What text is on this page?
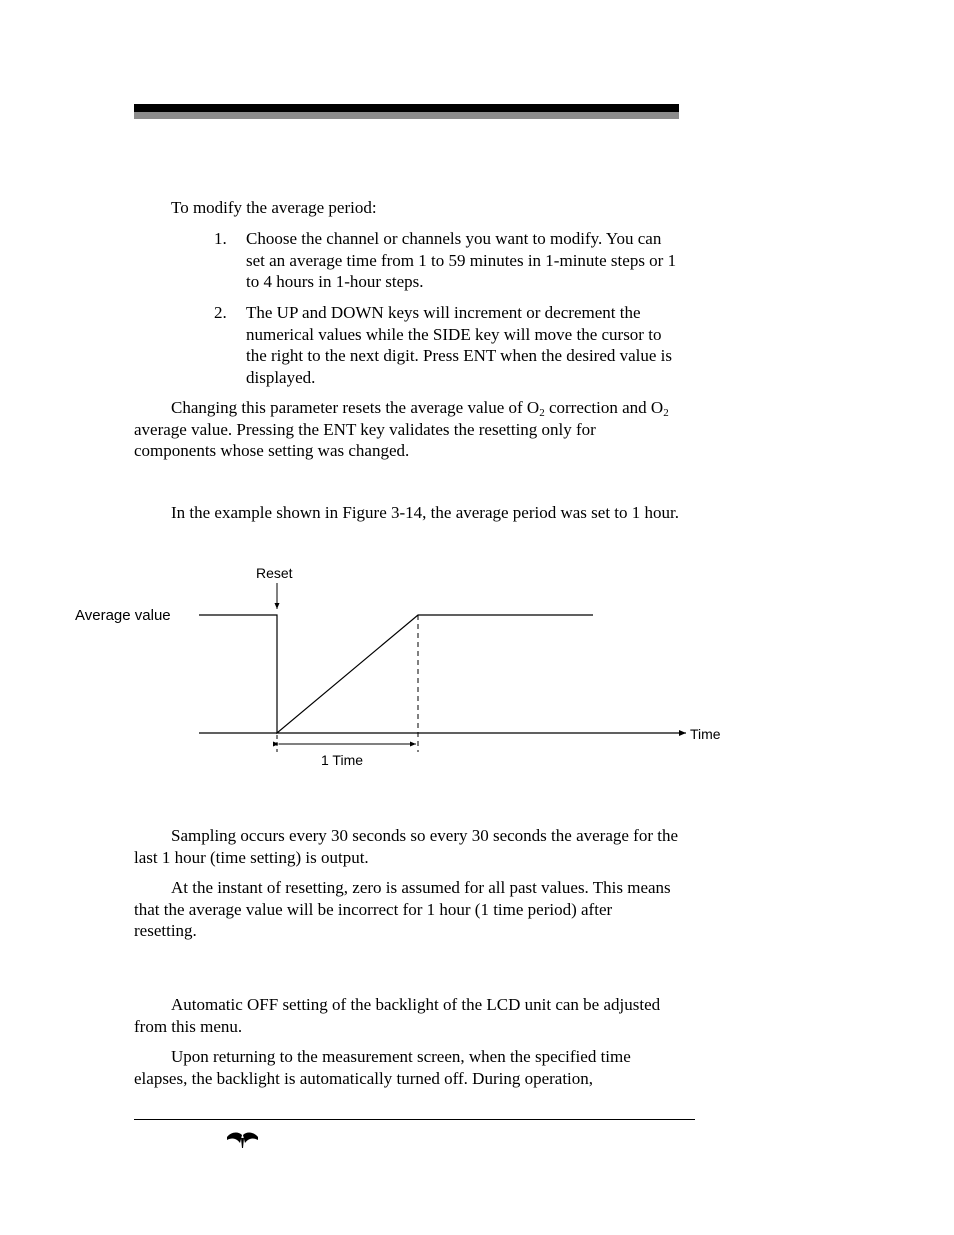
To modify the average period:
1.	Choose the channel or channels you want to modify. You can set an average time from 1 to 59 minutes in 1-minute steps or 1 to 4 hours in 1-hour steps.
2.	The UP and DOWN keys will increment or decrement the numerical values while the SIDE key will move the cursor to the right to the next digit. Press ENT when the desired value is displayed.
Changing this parameter resets the average value of $O_2$ correction and $O_2$ average value. Pressing the ENT key validates the resetting only for components whose setting was changed.
In the example shown in Figure 3-14, the average period was set to 1 hour.
Reset
Average value
Time
1 Time
Sampling occurs every 30 seconds so every 30 seconds the average for the last 1 hour (time setting) is output.
At the instant of resetting, zero is assumed for all past values. This means that the average value will be incorrect for 1 hour (1 time period) after resetting.
Automatic OFF setting of the backlight of the LCD unit can be adjusted from this menu.
Upon returning to the measurement screen, when the specified time elapses, the backlight is automatically turned off. During operation,
